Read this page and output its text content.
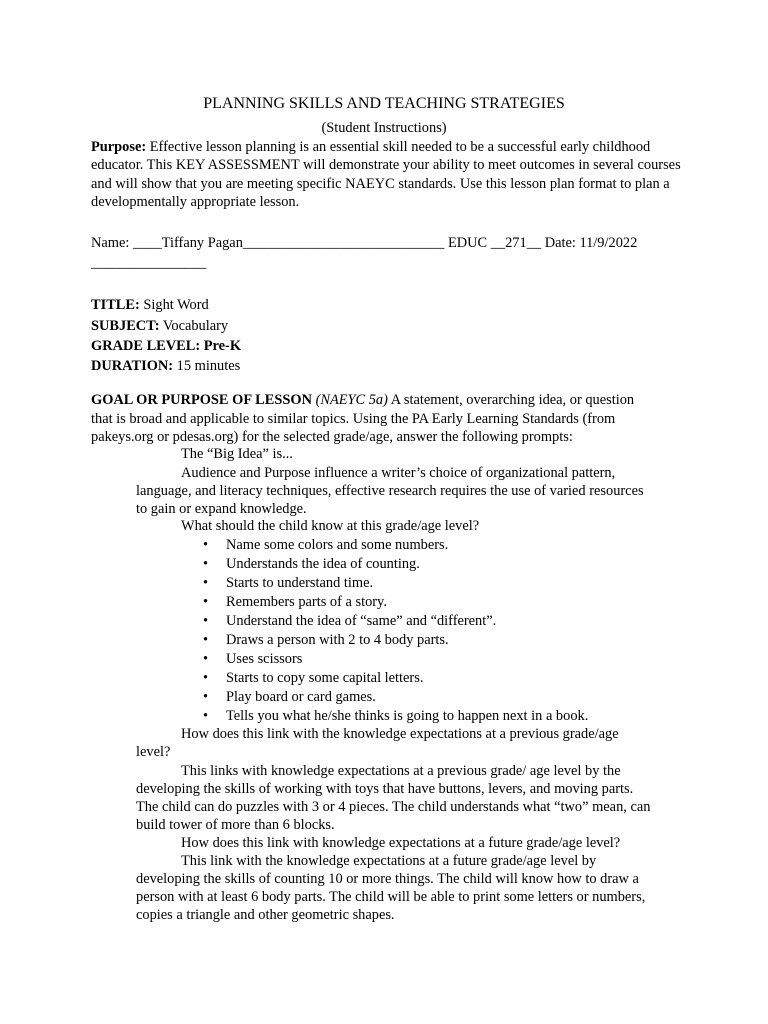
PLANNING SKILLS AND TEACHING STRATEGIES
(Student Instructions)
Purpose: Effective lesson planning is an essential skill needed to be a successful early childhood educator. This KEY ASSESSMENT will demonstrate your ability to meet outcomes in several courses and will show that you are meeting specific NAEYC standards. Use this lesson plan format to plan a developmentally appropriate lesson.
Name: ____Tiffany Pagan____________________________ EDUC __271__ Date: 11/9/2022
________________
TITLE: Sight Word
SUBJECT: Vocabulary
GRADE LEVEL: Pre-K
DURATION: 15 minutes
GOAL OR PURPOSE OF LESSON (NAEYC 5a) A statement, overarching idea, or question
that is broad and applicable to similar topics. Using the PA Early Learning Standards (from
pakeys.org or pdesas.org) for the selected grade/age, answer the following prompts:
The “Big Idea” is...
Audience and Purpose influence a writer’s choice of organizational pattern,
language, and literacy techniques, effective research requires the use of varied resources
to gain or expand knowledge.
What should the child know at this grade/age level?
• Name some colors and some numbers.
• Understands the idea of counting.
• Starts to understand time.
• Remembers parts of a story.
• Understand the idea of “same” and “different”.
• Draws a person with 2 to 4 body parts.
• Uses scissors
• Starts to copy some capital letters.
• Play board or card games.
• Tells you what he/she thinks is going to happen next in a book.
How does this link with the knowledge expectations at a previous grade/age
level?
This links with knowledge expectations at a previous grade/ age level by the
developing the skills of working with toys that have buttons, levers, and moving parts.
The child can do puzzles with 3 or 4 pieces. The child understands what “two” mean, can
build tower of more than 6 blocks.
How does this link with knowledge expectations at a future grade/age level?
This link with the knowledge expectations at a future grade/age level by
developing the skills of counting 10 or more things. The child will know how to draw a
person with at least 6 body parts. The child will be able to print some letters or numbers,
copies a triangle and other geometric shapes.
